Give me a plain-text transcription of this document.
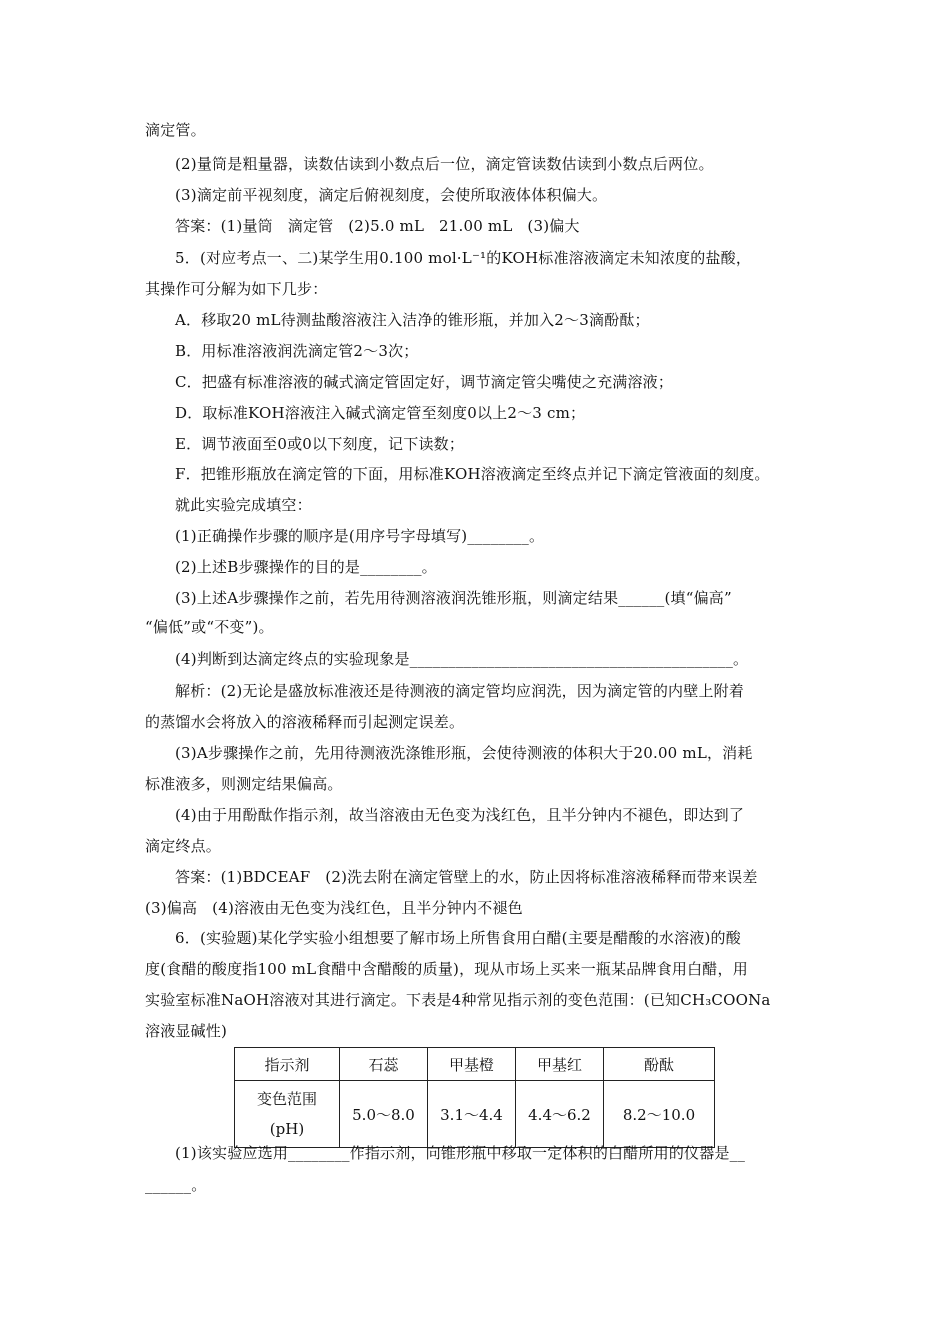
滴定管。
(2)量筒是粗量器，读数估读到小数点后一位，滴定管读数估读到小数点后两位。
(3)滴定前平视刻度，滴定后俯视刻度，会使所取液体体积偏大。
答案：(1)量筒   滴定管   (2)5.0 mL   21.00 mL   (3)偏大
5．(对应考点一、二)某学生用0.100 mol·L⁻¹的KOH标准溶液滴定未知浓度的盐酸，
其操作可分解为如下几步：
A．移取20 mL待测盐酸溶液注入洁净的锥形瓶，并加入2～3滴酚酞；
B．用标准溶液润洗滴定管2～3次；
C．把盛有标准溶液的碱式滴定管固定好，调节滴定管尖嘴使之充满溶液；
D．取标准KOH溶液注入碱式滴定管至刻度0以上2～3 cm；
E．调节液面至0或0以下刻度，记下读数；
F．把锥形瓶放在滴定管的下面，用标准KOH溶液滴定至终点并记下滴定管液面的刻度。
就此实验完成填空：
(1)正确操作步骤的顺序是(用序号字母填写)________。
(2)上述B步骤操作的目的是________。
(3)上述A步骤操作之前，若先用待测溶液润洗锥形瓶，则滴定结果______(填“偏高”
“偏低”或“不变”)。
(4)判断到达滴定终点的实验现象是__________________________________________。
解析：(2)无论是盛放标准液还是待测液的滴定管均应润洗，因为滴定管的内壁上附着
的蒸馏水会将放入的溶液稀释而引起测定误差。
(3)A步骤操作之前，先用待测液洗涤锥形瓶，会使待测液的体积大于20.00 mL，消耗
标准液多，则测定结果偏高。
(4)由于用酚酞作指示剂，故当溶液由无色变为浅红色，且半分钟内不褪色，即达到了
滴定终点。
答案：(1)BDCEAF   (2)洗去附在滴定管壁上的水，防止因将标准溶液稀释而带来误差
(3)偏高   (4)溶液由无色变为浅红色，且半分钟内不褪色
6．(实验题)某化学实验小组想要了解市场上所售食用白醋(主要是醋酸的水溶液)的酸
度(食醋的酸度指100 mL食醋中含醋酸的质量)，现从市场上买来一瓶某品牌食用白醋，用
实验室标准NaOH溶液对其进行滴定。下表是4种常见指示剂的变色范围：(已知CH₃COONa
溶液显碱性)
指示剂	石蕊	甲基橙	甲基红	酚酞
变色范围(pH)	5.0～8.0	3.1～4.4	4.4～6.2	8.2～10.0
(1)该实验应选用________作指示剂，向锥形瓶中移取一定体积的白醋所用的仪器是__
______。
